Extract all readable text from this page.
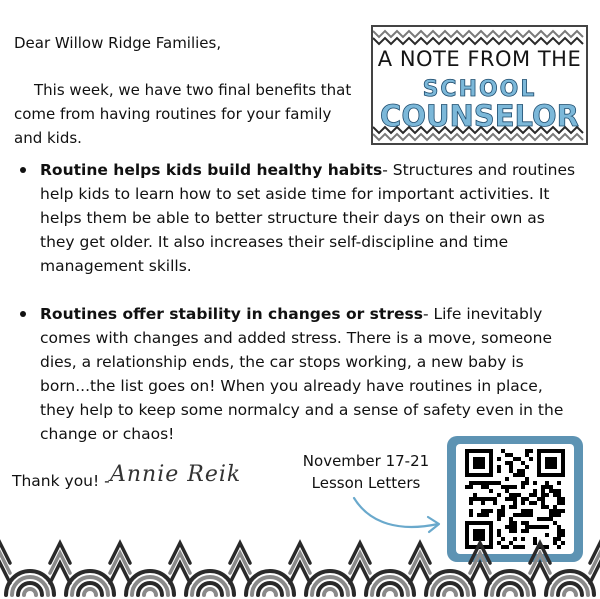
Dear Willow Ridge Families,
This week, we have two final benefits that come from having routines for your family and kids.
A NOTE FROM THE
SCHOOL
COUNSELOR
Routine helps kids build healthy habits- Structures and routines help kids to learn how to set aside time for important activities. It helps them be able to better structure their days on their own as they get older. It also increases their self-discipline and time management skills.
Routines offer stability in changes or stress- Life inevitably comes with changes and added stress. There is a move, someone dies, a relationship ends, the car stops working, a new baby is born...the list goes on! When you already have routines in place, they help to keep some normalcy and a sense of safety even in the change or chaos!
Thank you! - Annie Reik
November 17-21
Lesson Letters
